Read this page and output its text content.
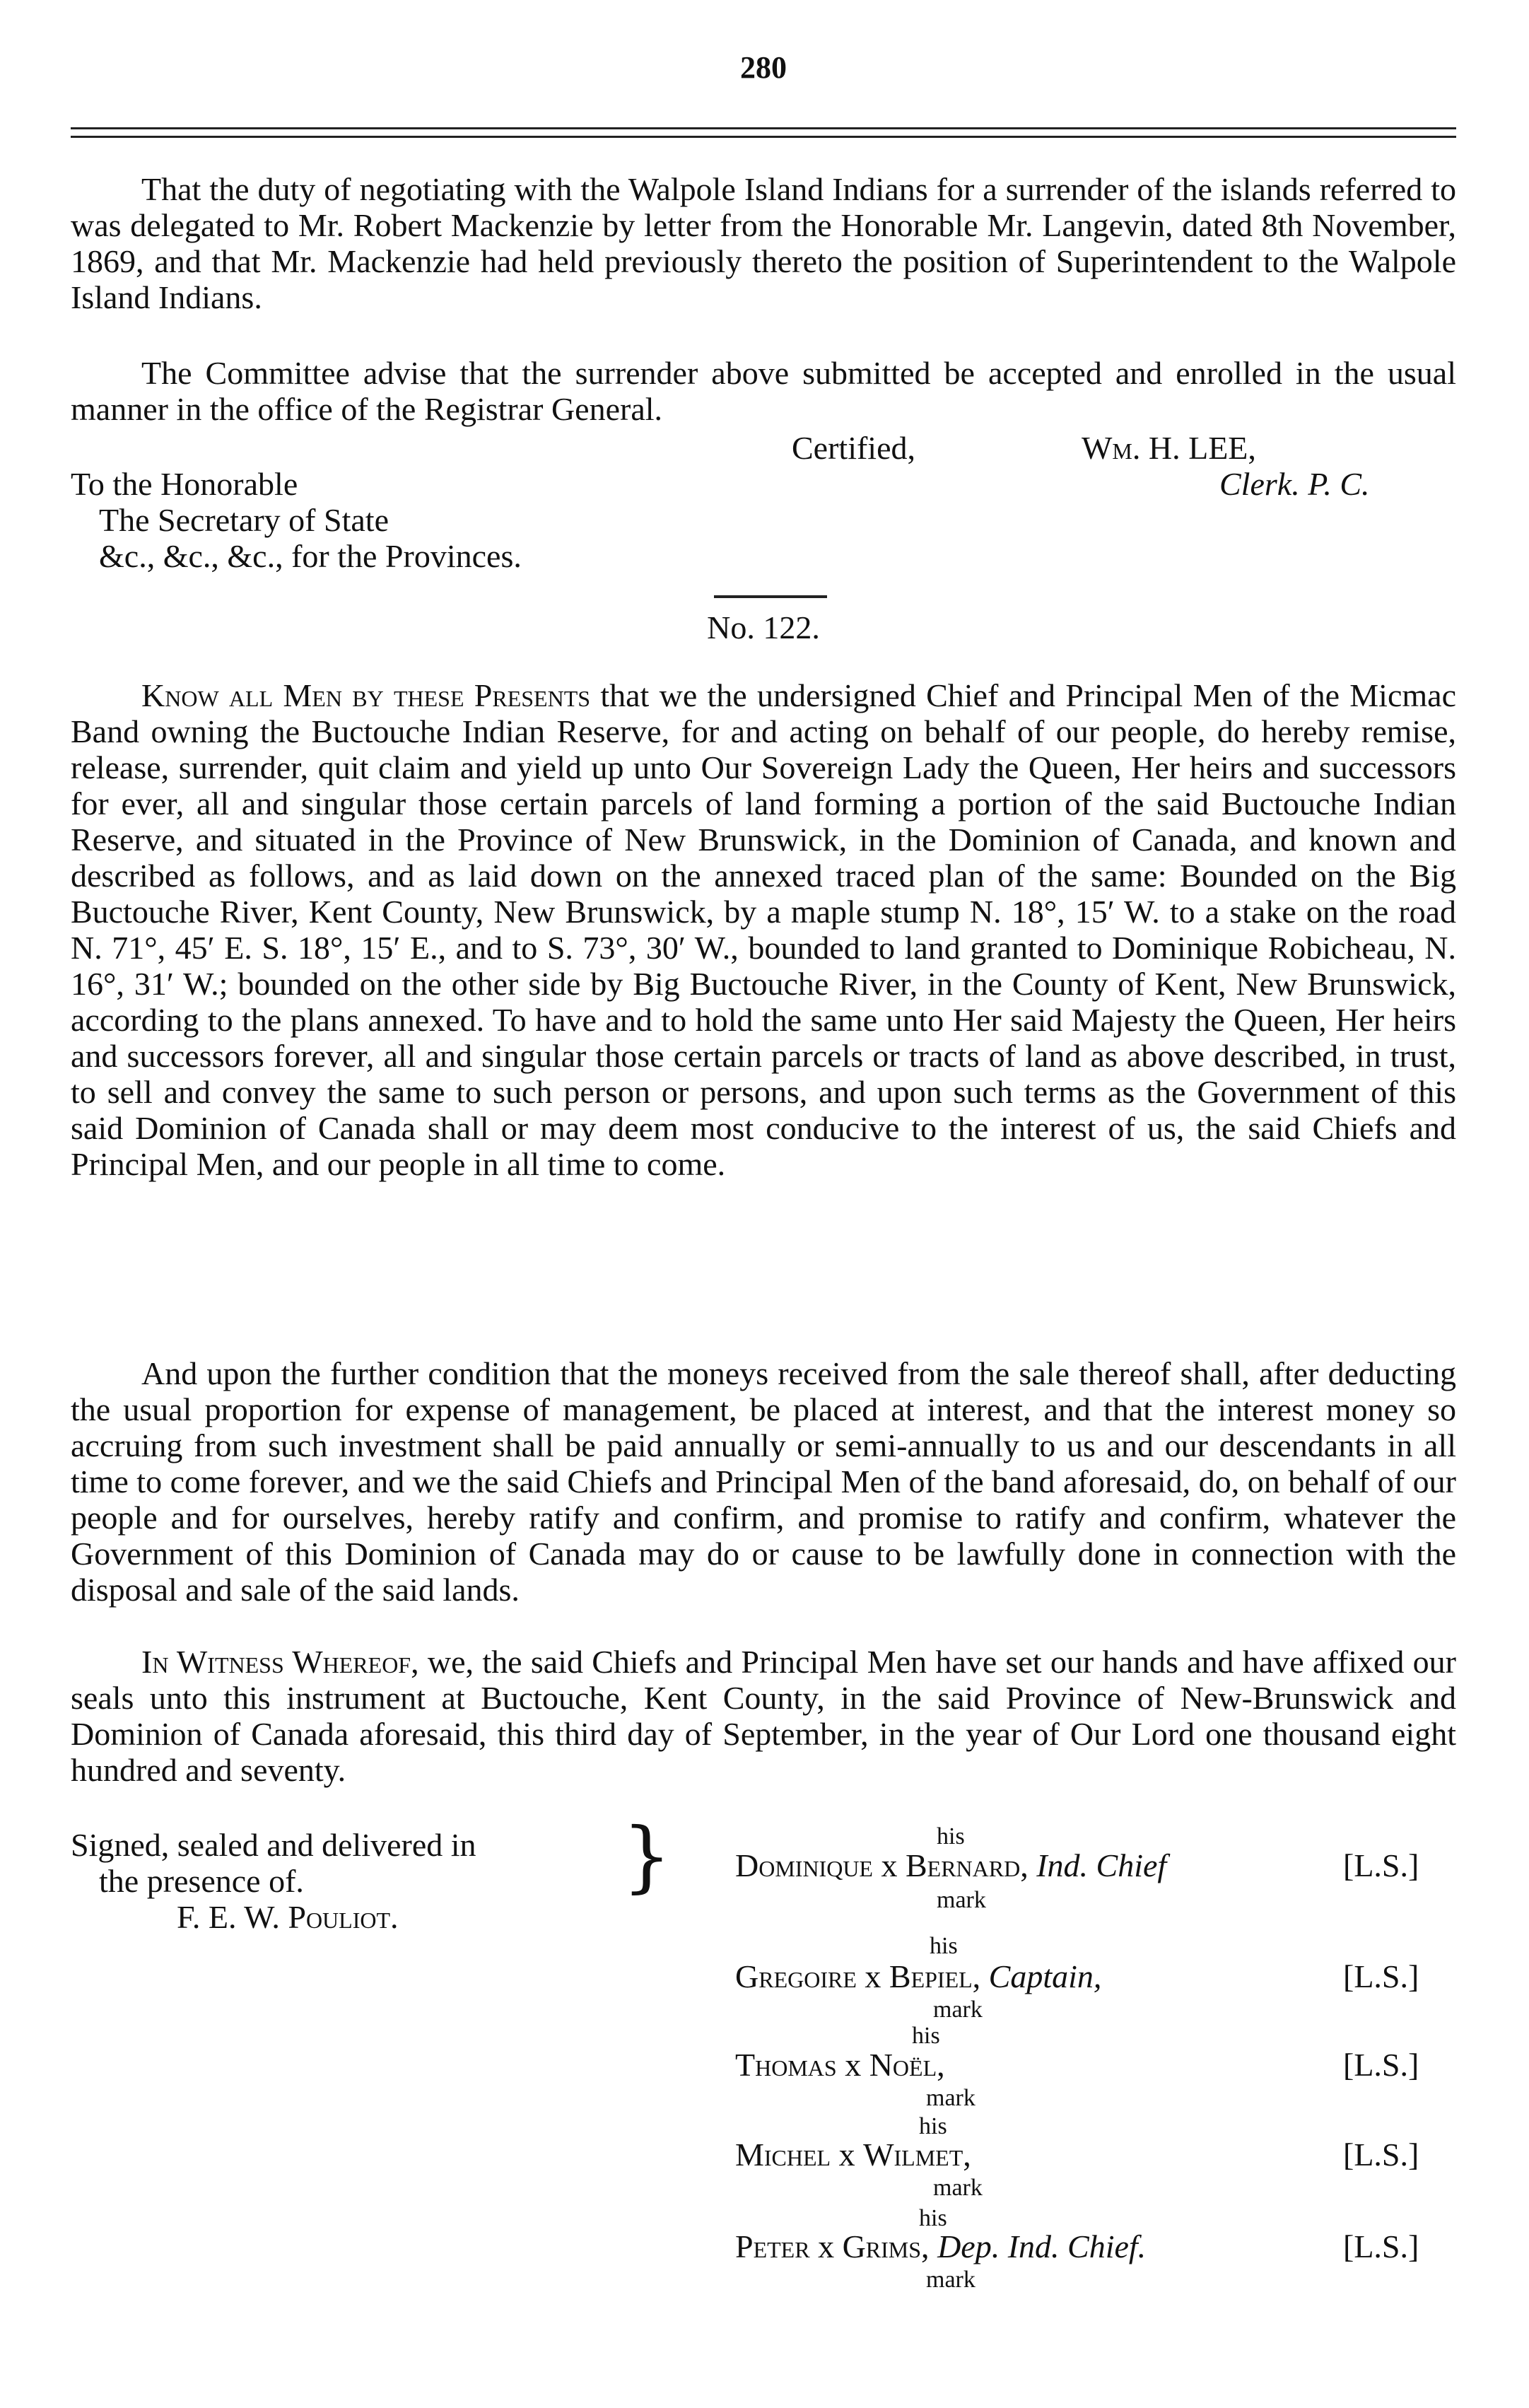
280
That the duty of negotiating with the Walpole Island Indians for a surrender of the islands referred to was delegated to Mr. Robert Mackenzie by letter from the Honorable Mr. Langevin, dated 8th November, 1869, and that Mr. Mackenzie had held previously thereto the position of Superintendent to the Walpole Island Indians.
The Committee advise that the surrender above submitted be accepted and enrolled in the usual manner in the office of the Registrar General.
Certified,	Wm. H. LEE,
To the Honorable	Clerk. P. C.
The Secretary of State
&c., &c., &c., for the Provinces.
No. 122.
Know all Men by these Presents that we the undersigned Chief and Principal Men of the Micmac Band owning the Buctouche Indian Reserve, for and acting on behalf of our people, do hereby remise, release, surrender, quit claim and yield up unto Our Sovereign Lady the Queen, Her heirs and successors for ever, all and singular those certain parcels of land forming a portion of the said Buctouche Indian Reserve, and situated in the Province of New Brunswick, in the Dominion of Canada, and known and described as follows, and as laid down on the annexed traced plan of the same: Bounded on the Big Buctouche River, Kent County, New Brunswick, by a maple stump N. 18°, 15′ W. to a stake on the road N. 71°, 45′ E. S. 18°, 15′ E., and to S. 73°, 30′ W., bounded to land granted to Dominique Robicheau, N. 16°, 31′ W.; bounded on the other side by Big Buctouche River, in the County of Kent, New Brunswick, according to the plans annexed. To have and to hold the same unto Her said Majesty the Queen, Her heirs and successors forever, all and singular those certain parcels or tracts of land as above described, in trust, to sell and convey the same to such person or persons, and upon such terms as the Government of this said Dominion of Canada shall or may deem most conducive to the interest of us, the said Chiefs and Principal Men, and our people in all time to come.
And upon the further condition that the moneys received from the sale thereof shall, after deducting the usual proportion for expense of management, be placed at interest, and that the interest money so accruing from such investment shall be paid annually or semi-annually to us and our descendants in all time to come forever, and we the said Chiefs and Principal Men of the band aforesaid, do, on behalf of our people and for ourselves, hereby ratify and confirm, and promise to ratify and confirm, whatever the Government of this Dominion of Canada may do or cause to be lawfully done in connection with the disposal and sale of the said lands.
In Witness Whereof, we, the said Chiefs and Principal Men have set our hands and have affixed our seals unto this instrument at Buctouche, Kent County, in the said Province of New-Brunswick and Dominion of Canada aforesaid, this third day of September, in the year of Our Lord one thousand eight hundred and seventy.
Signed, sealed and delivered in
the presence of.
F. E. W. Pouliot.
}	his
Dominique x Bernard, Ind. Chief	[L.S.]
mark
his
Gregoire x Bepiel, Captain,	[L.S.]
mark
his
Thomas x Noël,	[L.S.]
mark
his
Michel x Wilmet,	[L.S.]
mark
his
Peter x Grims, Dep. Ind. Chief.	[L.S.]
mark
